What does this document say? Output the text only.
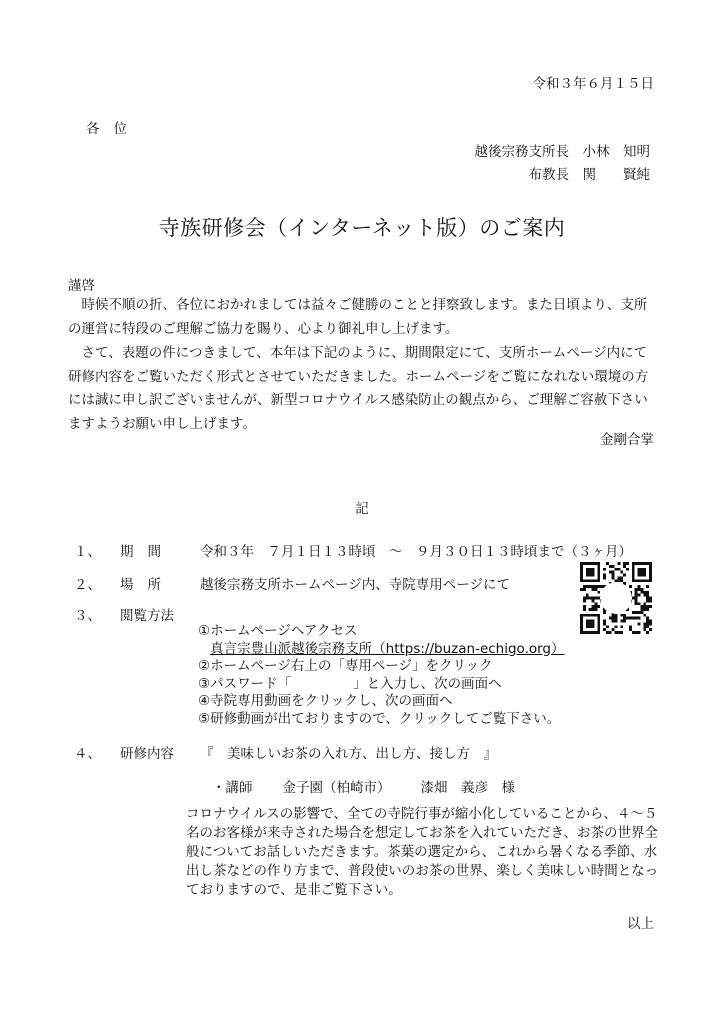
令和３年６月１５日
各位
越後宗務支所長　小林　知明
布教長　関　　賢純
寺族研修会（インターネット版）のご案内
謹啓

時候不順の折、各位におかれましては益々ご健勝のことと拝察致します。また日頃より、支所の運営に特段のご理解ご協力を賜り、心より御礼申し上げます。

さて、表題の件につきまして、本年は下記のように、期間限定にて、支所ホームページ内にて研修内容をご覧いただく形式とさせていただきました。ホームページをご覧になれない環境の方には誠に申し訳ございませんが、新型コロナウイルス感染防止の観点から、ご理解ご容赦下さいますようお願い申し上げます。

金剛合掌
記
１、 期間 令和３年　７月１日１３時頃　～　９月３０日１３時頃まで（３ヶ月）
２、 場所 越後宗務支所ホームページ内、寺院専用ページにて
３、 閲覧方法
①ホームページへアクセス
真言宗豊山派越後宗務支所（https://buzan-echigo.org）
②ホームページ右上の「専用ページ」をクリック
③パスワード「	」と入力し、次の画面へ
④寺院専用動画をクリックし、次の画面へ
⑤研修動画が出ておりますので、クリックしてご覧下さい。
４、 研修内容 『　美味しいお茶の入れ方、出し方、接し方　』
・講師 金子園（柏崎市） 漆畑　義彦　様
コロナウイルスの影響で、全ての寺院行事が縮小化していることから、４～５名のお客様が来寺された場合を想定してお茶を入れていただき、お茶の世界全般についてお話しいただきます。茶葉の選定から、これから暑くなる季節、水出し茶などの作り方まで、普段使いのお茶の世界、楽しく美味しい時間となっておりますので、是非ご覧下さい。
以上
